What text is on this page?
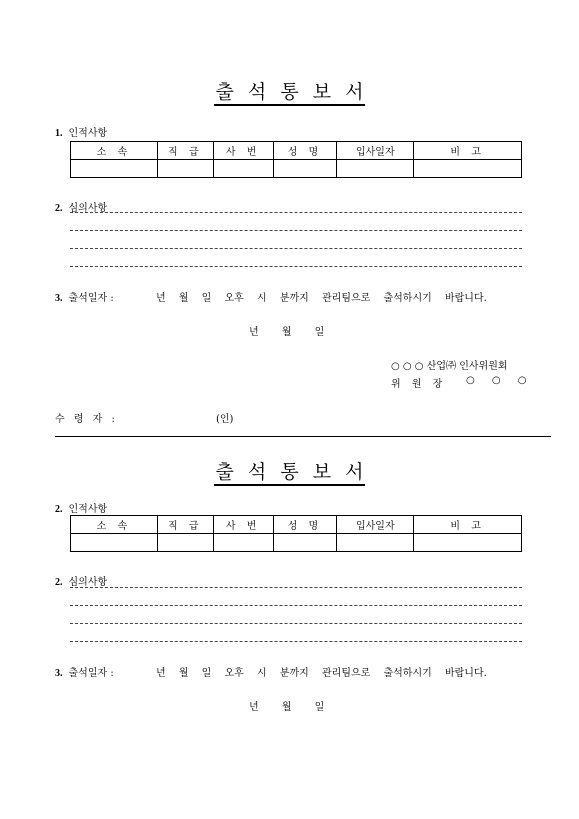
출 석 통 보 서
1. 인적사항
소 속	직 급	사 번	성 명	입사일자	비 고

2. 심의사항
3. 출석일자 :	년 월 일 오후 시 분까지 관리팀으로 출석하시기 바랍니다.
년 월 일
○ ○ ○ 산업㈜ 인사위원회
위 원 장 ○ ○ ○
수 령 자 :	(인)
출 석 통 보 서
2. 인적사항
소 속	직 급	사 번	성 명	입사일자	비 고

2. 심의사항
3. 출석일자 :	년 월 일 오후 시 분까지 관리팀으로 출석하시기 바랍니다.
년 월 일
